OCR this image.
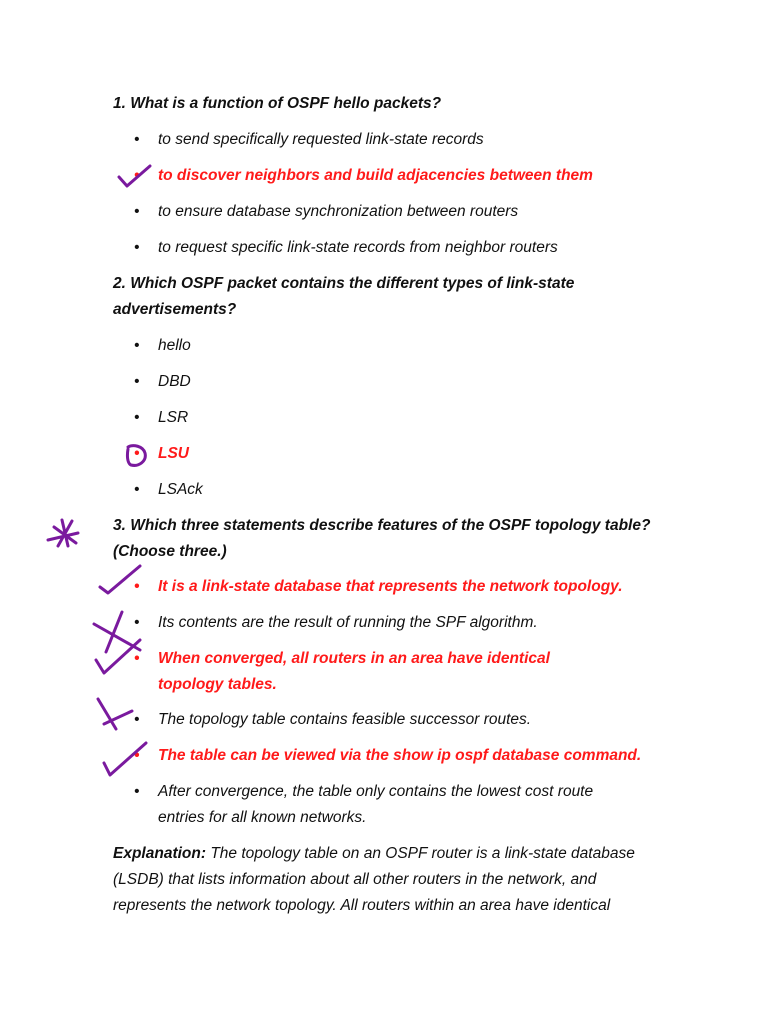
1. What is a function of OSPF hello packets?
• to send specifically requested link-state records
• to discover neighbors and build adjacencies between them
• to ensure database synchronization between routers
• to request specific link-state records from neighbor routers
2. Which OSPF packet contains the different types of link-state advertisements?
• hello
• DBD
• LSR
• LSU
• LSAck
3. Which three statements describe features of the OSPF topology table? (Choose three.)
• It is a link-state database that represents the network topology.
• Its contents are the result of running the SPF algorithm.
• When converged, all routers in an area have identical topology tables.
• The topology table contains feasible successor routes.
• The table can be viewed via the show ip ospf database command.
• After convergence, the table only contains the lowest cost route entries for all known networks.
Explanation: The topology table on an OSPF router is a link-state database (LSDB) that lists information about all other routers in the network, and represents the network topology. All routers within an area have identical
